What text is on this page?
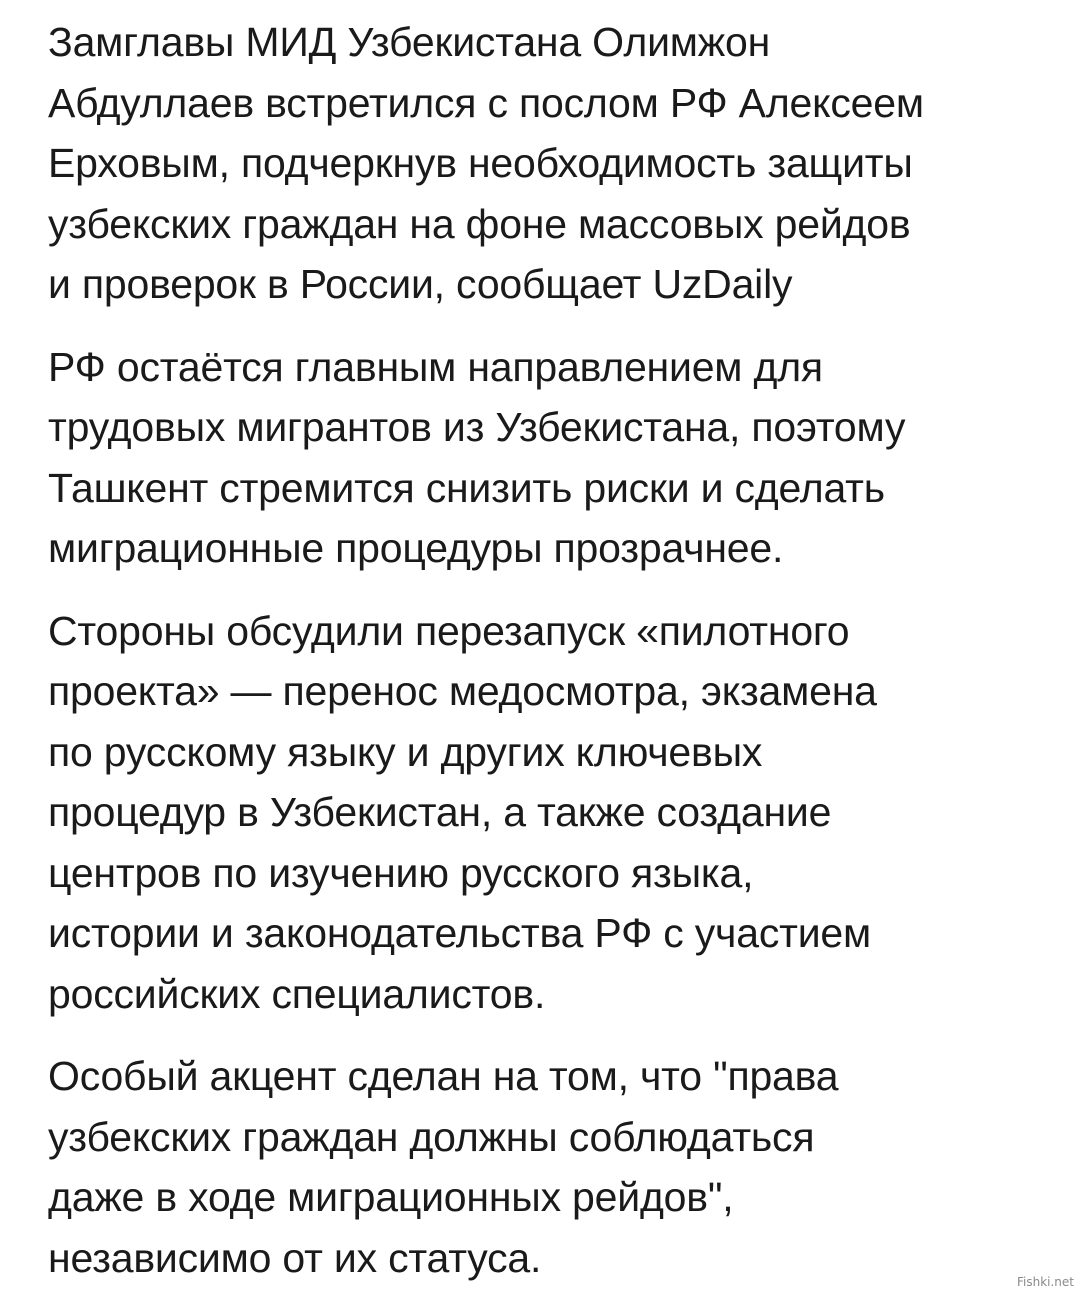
Замглавы МИД Узбекистана Олимжон
Абдуллаев встретился с послом РФ Алексеем
Ерховым, подчеркнув необходимость защиты
узбекских граждан на фоне массовых рейдов
и проверок в России, сообщает UzDaily

РФ остаётся главным направлением для
трудовых мигрантов из Узбекистана, поэтому
Ташкент стремится снизить риски и сделать
миграционные процедуры прозрачнее.

Стороны обсудили перезапуск «пилотного
проекта» — перенос медосмотра, экзамена
по русскому языку и других ключевых
процедур в Узбекистан, а также создание
центров по изучению русского языка,
истории и законодательства РФ с участием
российских специалистов.

Особый акцент сделан на том, что "права
узбекских граждан должны соблюдаться
даже в ходе миграционных рейдов",
независимо от их статуса.

Fishki.net
